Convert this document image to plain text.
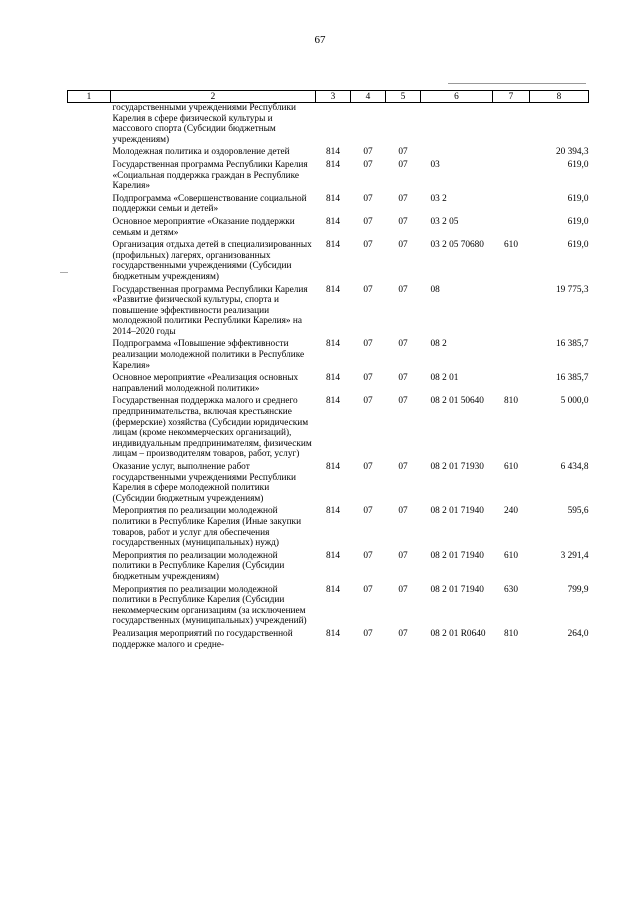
67
1	2	3	4	5	6	7	8
	государственными учреждениями Республики Карелия в сфере физической культуры и массового спорта (Субсидии бюджетным учреждениям)						
	Молодежная политика и оздоровление детей	814	07	07			20 394,3
	Государственная программа Республики Карелия «Социальная поддержка граждан в Республике Карелия»	814	07	07	03		619,0
	Подпрограмма «Совершенствование социальной поддержки семьи и детей»	814	07	07	03 2		619,0
	Основное мероприятие «Оказание поддержки семьям и детям»	814	07	07	03 2 05		619,0
	Организация отдыха детей в специализированных (профильных) лагерях, организованных государственными учреждениями (Субсидии бюджетным учреждениям)	814	07	07	03 2 05 70680	610	619,0
	Государственная программа Республики Карелия «Развитие физической культуры, спорта и повышение эффективности реализации молодежной политики Республики Карелия» на 2014–2020 годы	814	07	07	08		19 775,3
	Подпрограмма «Повышение эффективности реализации молодежной политики в Республике Карелия»	814	07	07	08 2		16 385,7
	Основное мероприятие «Реализация основных направлений молодежной политики»	814	07	07	08 2 01		16 385,7
	Государственная поддержка малого и среднего предпринимательства, включая крестьянские (фермерские) хозяйства (Субсидии юридическим лицам (кроме некоммерческих организаций), индивидуальным предпринимателям, физическим лицам – производителям товаров, работ, услуг)	814	07	07	08 2 01 50640	810	5 000,0
	Оказание услуг, выполнение работ государственными учреждениями Республики Карелия в сфере молодежной политики (Субсидии бюджетным учреждениям)	814	07	07	08 2 01 71930	610	6 434,8
	Мероприятия по реализации молодежной политики в Республике Карелия (Иные закупки товаров, работ и услуг для обеспечения государственных (муниципальных) нужд)	814	07	07	08 2 01 71940	240	595,6
	Мероприятия по реализации молодежной политики в Республике Карелия (Субсидии бюджетным учреждениям)	814	07	07	08 2 01 71940	610	3 291,4
	Мероприятия по реализации молодежной политики в Республике Карелия (Субсидии некоммерческим организациям (за исключением государственных (муниципальных) учреждений)	814	07	07	08 2 01 71940	630	799,9
	Реализация мероприятий по государственной поддержке малого и средне-	814	07	07	08 2 01 R0640	810	264,0
